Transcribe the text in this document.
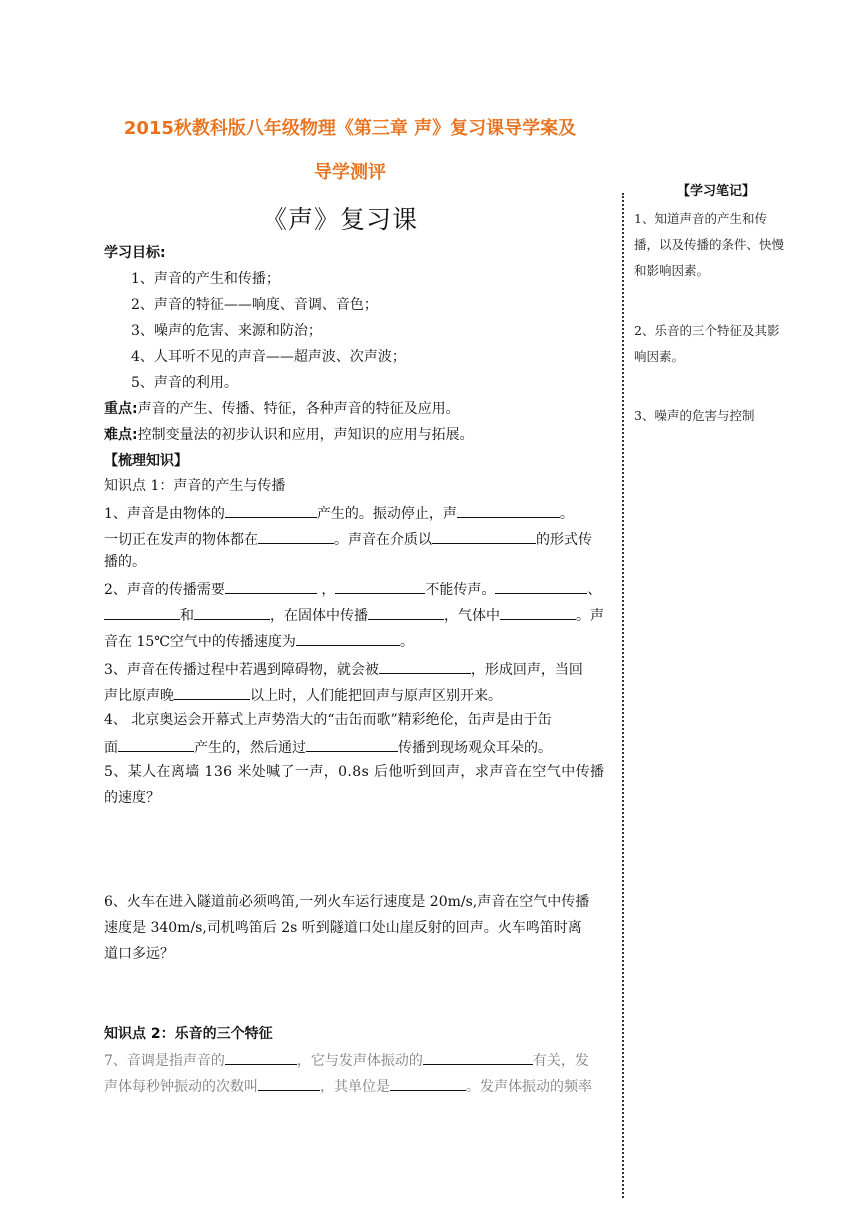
2015秋教科版八年级物理《第三章 声》复习课导学案及
导学测评
《声》复习课
【学习笔记】
1、知道声音的产生和传播，以及传播的条件、快慢和影响因素。
2、乐音的三个特征及其影响因素。
3、噪声的危害与控制
学习目标:
1、声音的产生和传播；
2、声音的特征——响度、音调、音色；
3、噪声的危害、来源和防治；
4、人耳听不见的声音——超声波、次声波；
5、声音的利用。
重点:声音的产生、传播、特征，各种声音的特征及应用。
难点:控制变量法的初步认识和应用，声知识的应用与拓展。
【梳理知识】
知识点 1：声音的产生与传播
1、声音是由物体的	产生的。振动停止，声	。
一切正在发声的物体都在	。声音在介质以	的形式传
播的。
2、声音的传播需要	，	不能传声。	、
和	，在固体中传播	，气体中	。声
音在 15℃空气中的传播速度为	。
3、声音在传播过程中若遇到障碍物，就会被	，形成回声，当回
声比原声晚	以上时，人们能把回声与原声区别开来。
4、 北京奥运会开幕式上声势浩大的“击缶而歌”精彩绝伦，缶声是由于缶
面	产生的，然后通过	传播到现场观众耳朵的。
5、某人在离墙 136 米处喊了一声，0.8s 后他听到回声，求声音在空气中传播
的速度？
6、火车在进入隧道前必须鸣笛,一列火车运行速度是 20m/s,声音在空气中传播
速度是 340m/s,司机鸣笛后 2s 听到隧道口处山崖反射的回声。火车鸣笛时离
道口多远？
知识点 2：乐音的三个特征
7、音调是指声音的	，它与发声体振动的	有关，发
声体每秒钟振动的次数叫	，其单位是	。发声体振动的频率
